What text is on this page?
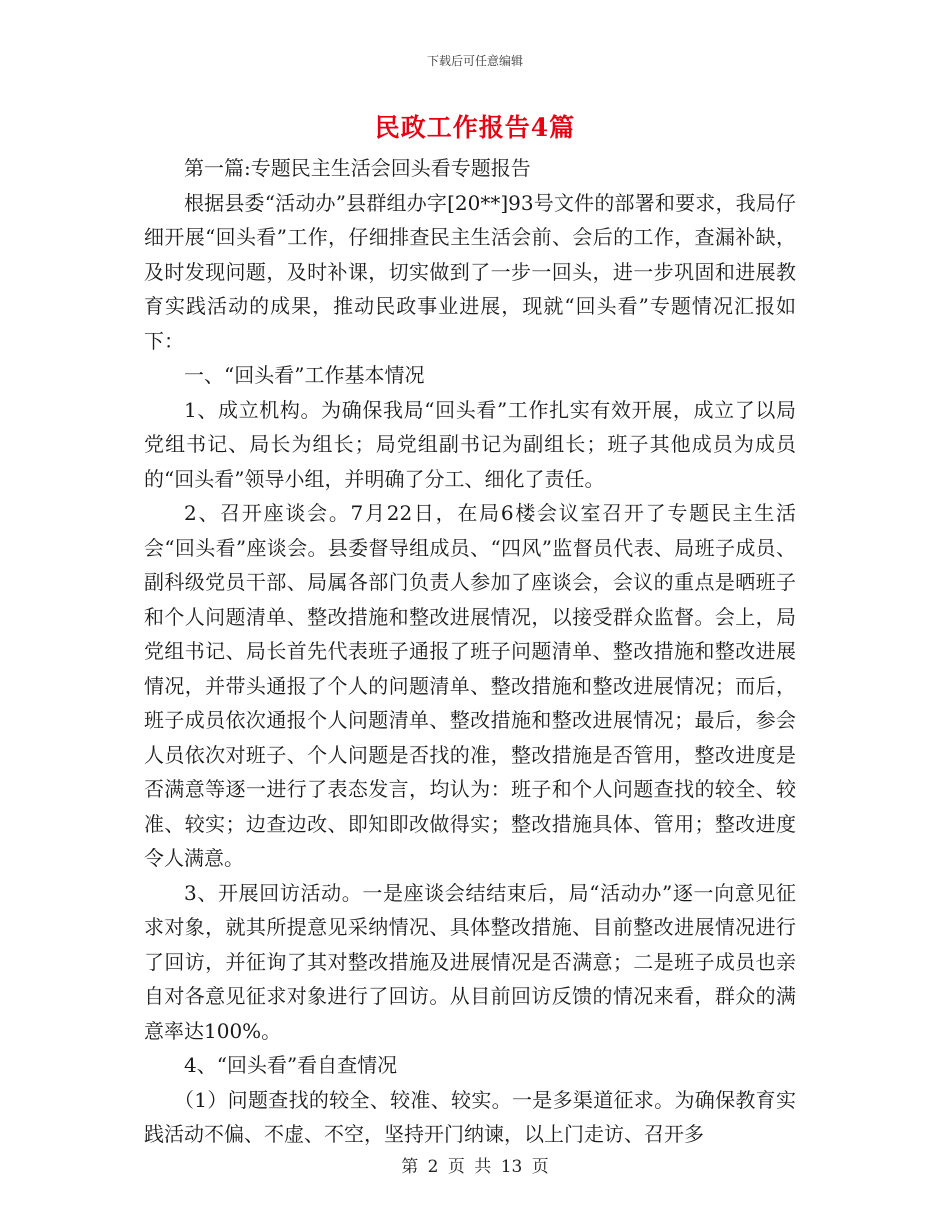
下载后可任意编辑
民政工作报告4篇

第一篇:专题民主生活会回头看专题报告

根据县委“活动办”县群组办字[20**]93号文件的部署和要求，我局仔细开展“回头看”工作，仔细排查民主生活会前、会后的工作，查漏补缺，及时发现问题，及时补课，切实做到了一步一回头，进一步巩固和进展教育实践活动的成果，推动民政事业进展，现就“回头看”专题情况汇报如下：

一、“回头看”工作基本情况

1、成立机构。为确保我局“回头看”工作扎实有效开展，成立了以局党组书记、局长为组长；局党组副书记为副组长；班子其他成员为成员的“回头看”领导小组，并明确了分工、细化了责任。

2、召开座谈会。7月22日，在局6楼会议室召开了专题民主生活会“回头看”座谈会。县委督导组成员、“四风”监督员代表、局班子成员、副科级党员干部、局属各部门负责人参加了座谈会，会议的重点是晒班子和个人问题清单、整改措施和整改进展情况，以接受群众监督。会上，局党组书记、局长首先代表班子通报了班子问题清单、整改措施和整改进展情况，并带头通报了个人的问题清单、整改措施和整改进展情况；而后，班子成员依次通报个人问题清单、整改措施和整改进展情况；最后，参会人员依次对班子、个人问题是否找的准，整改措施是否管用，整改进度是否满意等逐一进行了表态发言，均认为：班子和个人问题查找的较全、较准、较实；边查边改、即知即改做得实；整改措施具体、管用；整改进度令人满意。

3、开展回访活动。一是座谈会结结束后，局“活动办”逐一向意见征求对象，就其所提意见采纳情况、具体整改措施、目前整改进展情况进行了回访，并征询了其对整改措施及进展情况是否满意；二是班子成员也亲自对各意见征求对象进行了回访。从目前回访反馈的情况来看，群众的满意率达100%。

4、“回头看”看自查情况

（1）问题查找的较全、较准、较实。一是多渠道征求。为确保教育实践活动不偏、不虚、不空，坚持开门纳谏，以上门走访、召开多

第 2 页 共 13 页
